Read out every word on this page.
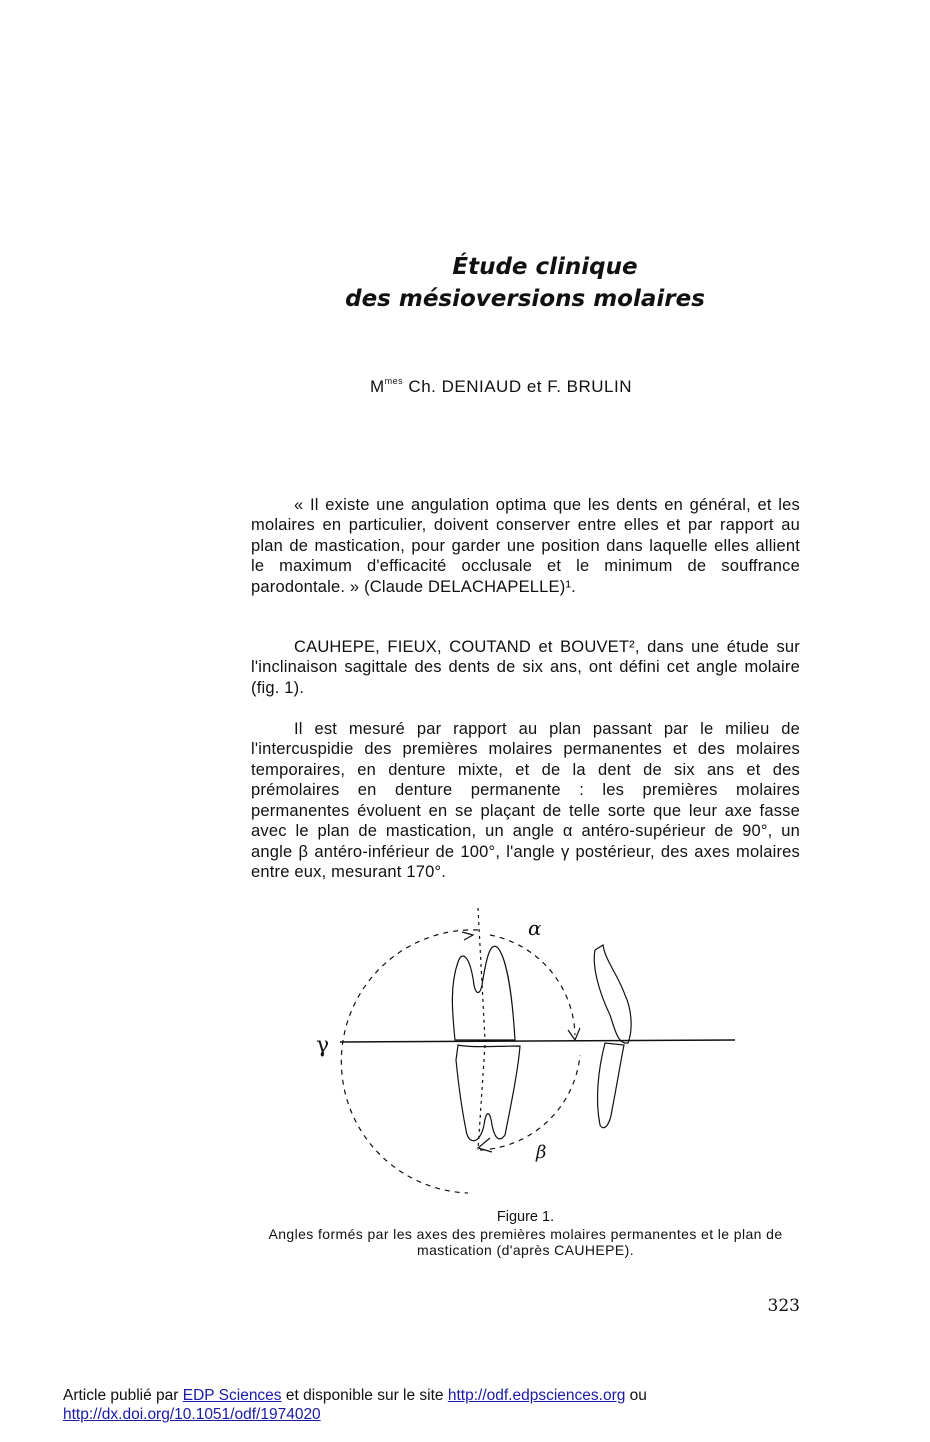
Étude clinique
des mésioversions molaires
$M^{mes}$ Ch. DENIAUD et F. BRULIN

« Il existe une angulation optima que les dents en général, et les molaires en particulier, doivent conserver entre elles et par rapport au plan de mastication, pour garder une position dans laquelle elles allient le maximum d'efficacité occlusale et le minimum de souffrance parodontale. » (Claude DELACHAPELLE)¹.

CAUHEPE, FIEUX, COUTAND et BOUVET², dans une étude sur l'inclinaison sagittale des dents de six ans, ont défini cet angle molaire (fig. 1).

Il est mesuré par rapport au plan passant par le milieu de l'intercuspidie des premières molaires permanentes et des molaires temporaires, en denture mixte, et de la dent de six ans et des prémolaires en denture permanente : les premières molaires permanentes évoluent en se plaçant de telle sorte que leur axe fasse avec le plan de mastication, un angle α antéro-supérieur de 90°, un angle β antéro-inférieur de 100°, l'angle γ postérieur, des axes molaires entre eux, mesurant 170°.

α
β
γ
Figure 1.
Angles formés par les axes des premières molaires permanentes et le plan de mastication (d'après CAUHEPE).
323
Article publié par EDP Sciences et disponible sur le site http://odf.edpsciences.org ou
http://dx.doi.org/10.1051/odf/1974020
